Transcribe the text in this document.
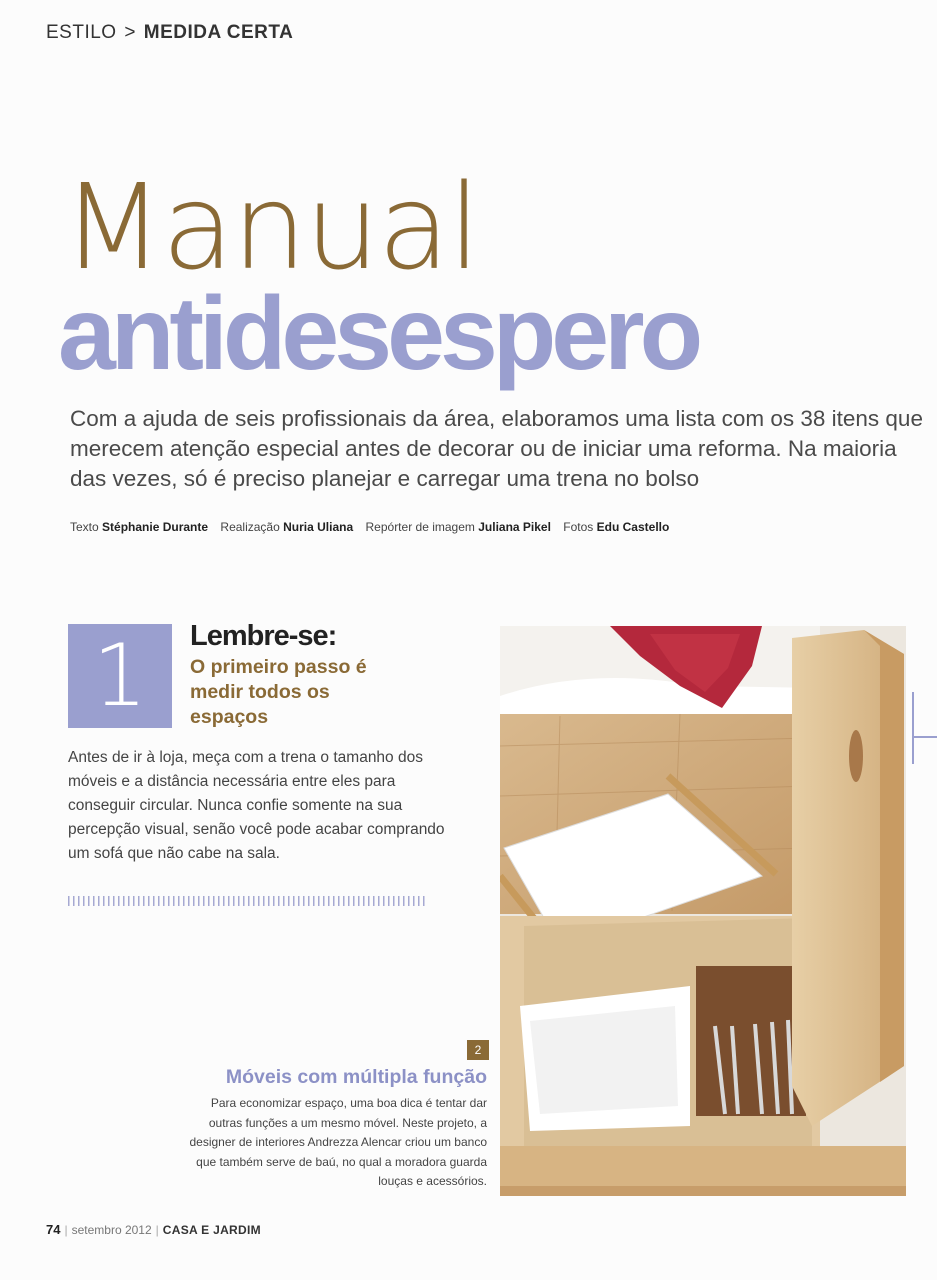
ESTILO > MEDIDA CERTA
Manual
antidesespero
Com a ajuda de seis profissionais da área, elaboramos uma lista com os 38 itens que merecem atenção especial antes de decorar ou de iniciar uma reforma. Na maioria das vezes, só é preciso planejar e carregar uma trena no bolso
Texto Stéphanie Durante Realização Nuria Uliana Repórter de imagem Juliana Pikel Fotos Edu Castello
1 Lembre-se:
O primeiro passo é medir todos os espaços
Antes de ir à loja, meça com a trena o tamanho dos móveis e a distância necessária entre eles para conseguir circular. Nunca confie somente na sua percepção visual, senão você pode acabar comprando um sofá que não cabe na sala.
2
Móveis com múltipla função
Para economizar espaço, uma boa dica é tentar dar outras funções a um mesmo móvel. Neste projeto, a designer de interiores Andrezza Alencar criou um banco que também serve de baú, no qual a moradora guarda louças e acessórios.
74 | setembro 2012 | CASA E JARDIM
